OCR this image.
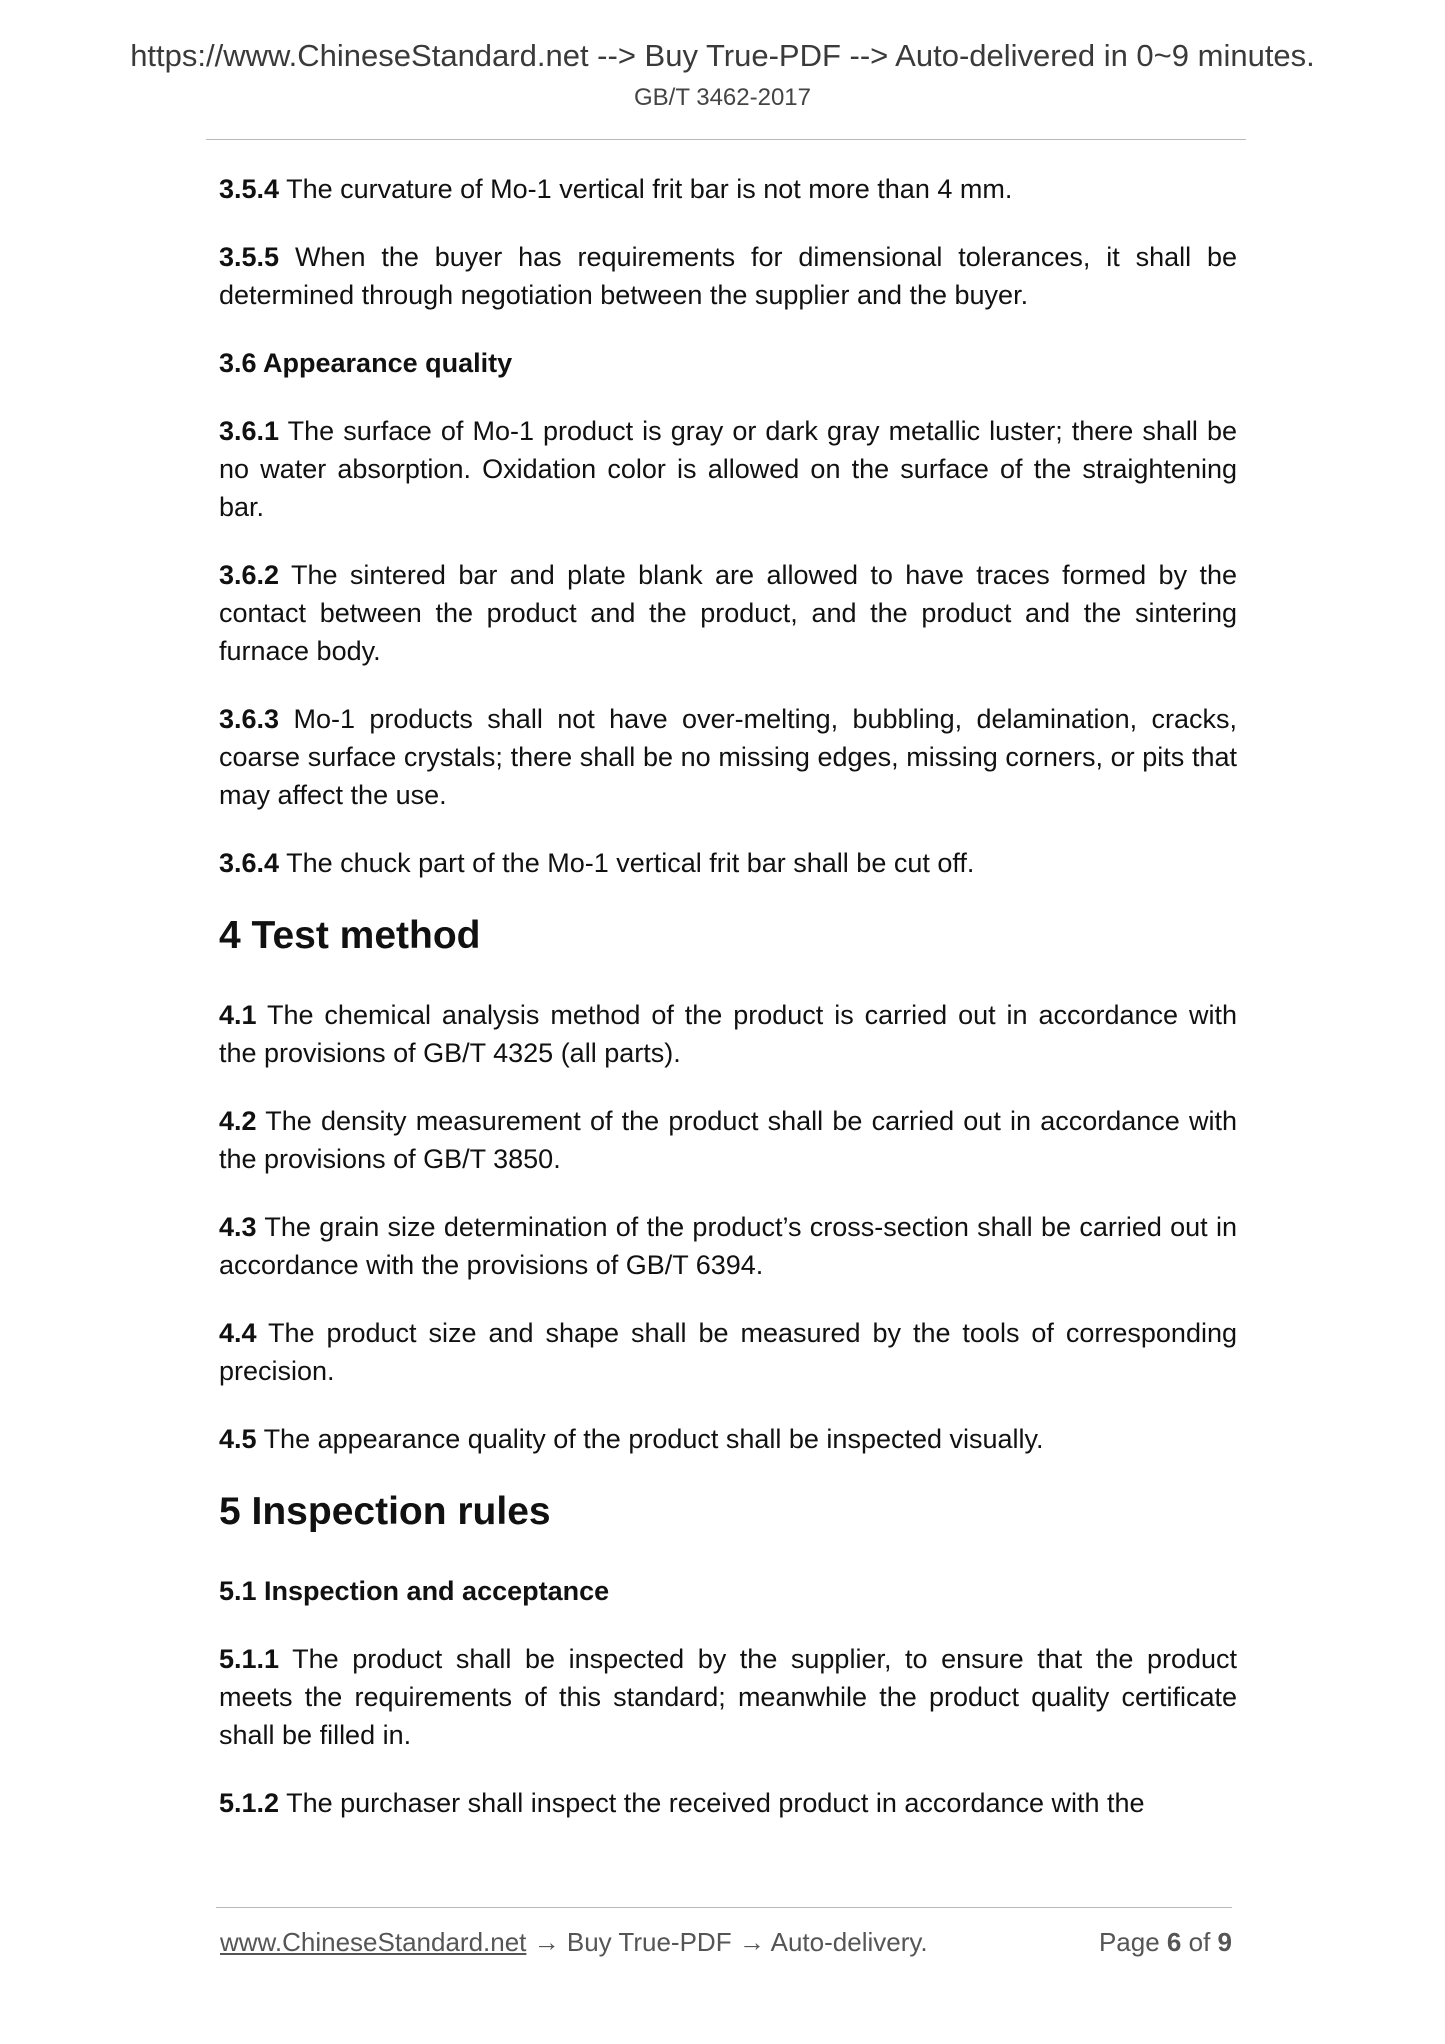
https://www.ChineseStandard.net --> Buy True-PDF --> Auto-delivered in 0~9 minutes.
GB/T 3462-2017

3.5.4 The curvature of Mo-1 vertical frit bar is not more than 4 mm.

3.5.5 When the buyer has requirements for dimensional tolerances, it shall be determined through negotiation between the supplier and the buyer.

3.6 Appearance quality

3.6.1 The surface of Mo-1 product is gray or dark gray metallic luster; there shall be no water absorption. Oxidation color is allowed on the surface of the straightening bar.

3.6.2 The sintered bar and plate blank are allowed to have traces formed by the contact between the product and the product, and the product and the sintering furnace body.

3.6.3 Mo-1 products shall not have over-melting, bubbling, delamination, cracks, coarse surface crystals; there shall be no missing edges, missing corners, or pits that may affect the use.

3.6.4 The chuck part of the Mo-1 vertical frit bar shall be cut off.

4 Test method

4.1 The chemical analysis method of the product is carried out in accordance with the provisions of GB/T 4325 (all parts).

4.2 The density measurement of the product shall be carried out in accordance with the provisions of GB/T 3850.

4.3 The grain size determination of the product’s cross-section shall be carried out in accordance with the provisions of GB/T 6394.

4.4 The product size and shape shall be measured by the tools of corresponding precision.

4.5 The appearance quality of the product shall be inspected visually.

5 Inspection rules
5.1 Inspection and acceptance

5.1.1 The product shall be inspected by the supplier, to ensure that the product meets the requirements of this standard; meanwhile the product quality certificate shall be filled in.

5.1.2 The purchaser shall inspect the received product in accordance with the

www.ChineseStandard.net → Buy True-PDF → Auto-delivery.	Page 6 of 9
